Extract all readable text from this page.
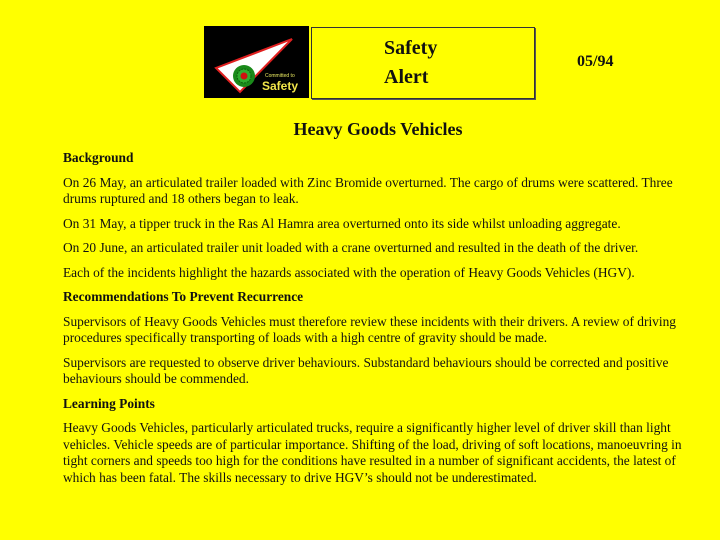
Committed to
Safety
Safety
Alert
05/94
Heavy Goods Vehicles
Background

On 26 May, an articulated trailer loaded with Zinc Bromide overturned. The cargo of drums were scattered. Three drums ruptured and 18 others began to leak.

On 31 May, a tipper truck in the Ras Al Hamra area overturned onto its side whilst unloading aggregate.

On 20 June, an articulated trailer unit loaded with a crane overturned and resulted in the death of the driver.

Each of the incidents highlight the hazards associated with the operation of Heavy Goods Vehicles (HGV).

Recommendations To Prevent Recurrence

Supervisors of Heavy Goods Vehicles must therefore review these incidents with their drivers. A review of driving procedures specifically transporting of loads with a high centre of gravity should be made.

Supervisors are requested to observe driver behaviours. Substandard behaviours should be corrected and positive behaviours should be commended.

Learning Points

Heavy Goods Vehicles, particularly articulated trucks, require a significantly higher level of driver skill than light vehicles. Vehicle speeds are of particular importance. Shifting of the load, driving of soft locations, manoeuvring in tight corners and speeds too high for the conditions have resulted in a number of significant accidents, the latest of which has been fatal. The skills necessary to drive HGV’s should not be underestimated.
